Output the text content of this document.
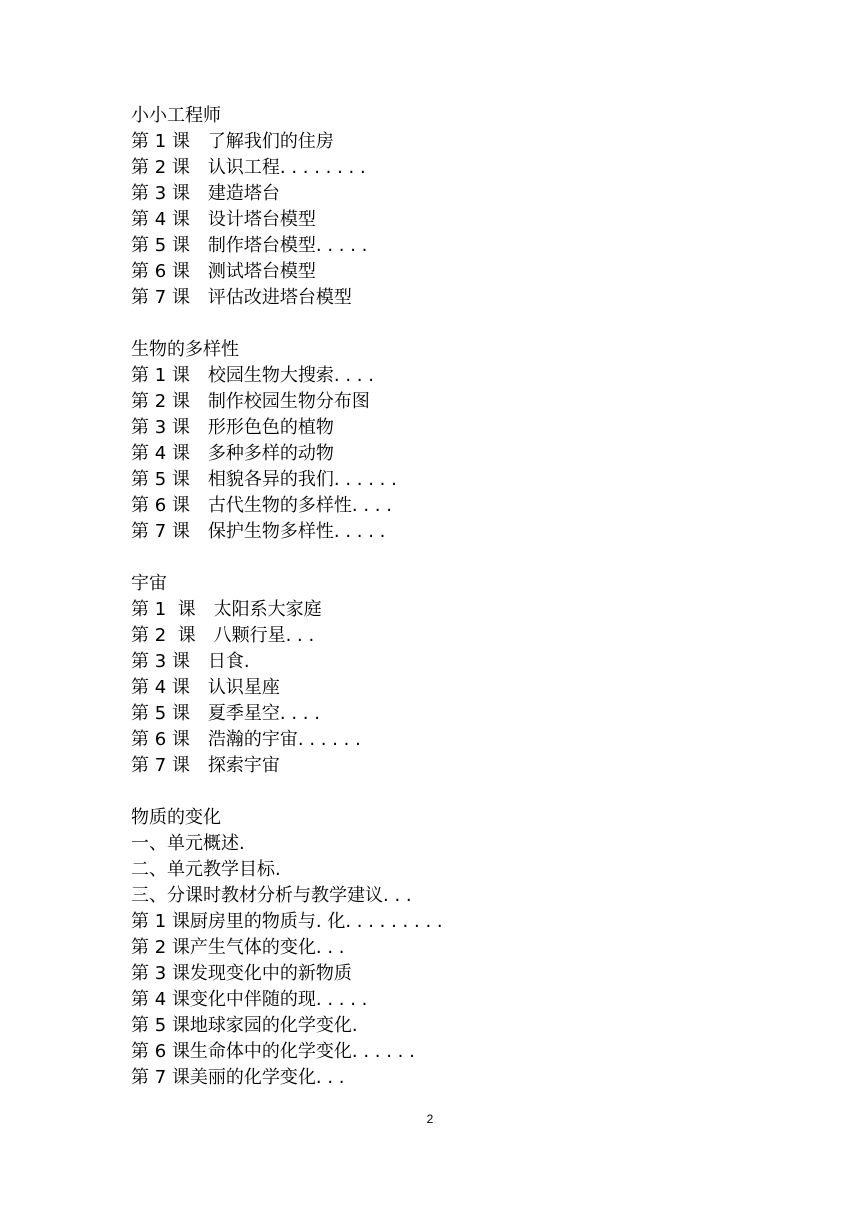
小小工程师
第 1 课　了解我们的住房
第 2 课　认识工程. . . . . . . .
第 3 课　建造塔台
第 4 课　设计塔台模型
第 5 课　制作塔台模型. . . . .
第 6 课　测试塔台模型
第 7 课　评估改进塔台模型
生物的多样性
第 1 课　校园生物大搜索. . . .
第 2 课　制作校园生物分布图
第 3 课　形形色色的植物
第 4 课　多种多样的动物
第 5 课　相貌各异的我们. . . . . .
第 6 课　古代生物的多样性. . . .
第 7 课　保护生物多样性. . . . .
宇宙
第 1  课　太阳系大家庭
第 2  课　八颗行星. . .
第 3 课　日食.
第 4 课　认识星座
第 5 课　夏季星空. . . .
第 6 课　浩瀚的宇宙. . . . . .
第 7 课　探索宇宙
物质的变化
一、单元概述.
二、单元教学目标.
三、分课时教材分析与教学建议. . .
第 1 课厨房里的物质与. 化. . . . . . . . .
第 2 课产生气体的变化. . .
第 3 课发现变化中的新物质
第 4 课变化中伴随的现. . . . .
第 5 课地球家园的化学变化.
第 6 课生命体中的化学变化. . . . . .
第 7 课美丽的化学变化. . .
2
